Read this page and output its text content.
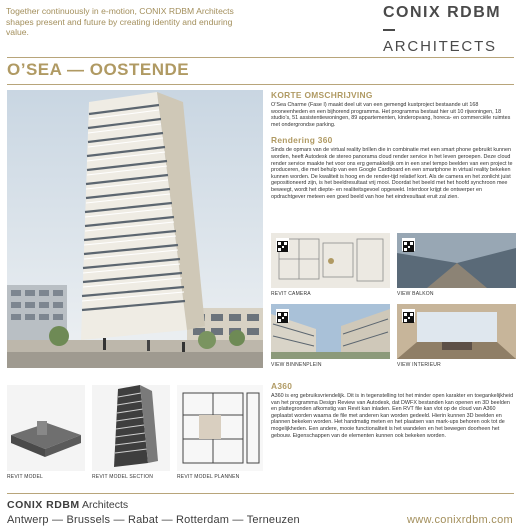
Together continuously in e-motion, CONIX RDBM Architects shapes present and future by creating identity and enduring value.
CONIX RDBM
ARCHITECTS
O’SEA — OOSTENDE
KORTE OMSCHRIJVING
O’Sea Charme (Fase I) maakt deel uit van een gemengd kustproject bestaande uit 168 wooneenheden en een bijhorend programma. Het programma bestaat hier uit 10 rijwoningen, 18 studio’s, 51 assistentiewoningen, 89 appartementen, kinderopvang, horeca- en commerciële ruimtes met ondergrondse parking.
Rendering 360
Sinds de opmars van de virtual reality brillen die in combinatie met een smart phone gebruikt kunnen worden, heeft Autodesk de stereo panorama cloud render service in het leven geroepen. Deze cloud render service maakte het voor ons erg gemakkelijk om in een snel tempo beelden van een project te produceren, die met behulp van een Google Cardboard en een smartphone in virtual reality bekeken kunnen worden. De kwaliteit is hoog en de render-tijd relatief kort. Als de camera en het zonlicht juist gepositioneerd zijn, is het beeldresultaat vrij mooi. Doordat het beeld met het hoofd synchroon mee beweegt, wordt het diepte- en realiteitsgevoel opgewekt. Interdoor krijgt de ontwerper en opdrachtgever meteen een goed beeld van hoe het eindresultaat eruit zal zien.
REVIT CAMERA	VIEW BALKON
VIEW BINNENPLEIN	VIEW INTERIEUR
A360
A360 is erg gebruiksvriendelijk. Dit is in tegenstelling tot het minder open karakter en toegankelijkheid van het programma Design Review van Autodesk, dat DWFX bestanden kan openen en 3D beelden en plattegronden afkomstig van Revit kan inladen. Een RVT file kan vlot op de cloud van A360 geplaatst worden waarna de file met anderen kan worden gedeeld. Hierin kunnen 3D beelden en plannen bekeken worden. Het handmatig meten en het plaatsen van mark-ups behoren ook tot de mogelijkheden. Een andere, mooie functionaliteit is het wandelen en het bewegen doorheen het gebouw. Eigenschappen van de elementen kunnen ook bekeken worden.
REVIT MODEL	REVIT MODEL SECTION	REVIT MODEL PLANNEN
CONIX RDBM Architects
Antwerp — Brussels — Rabat — Rotterdam — Terneuzen	www.conixrdbm.com
